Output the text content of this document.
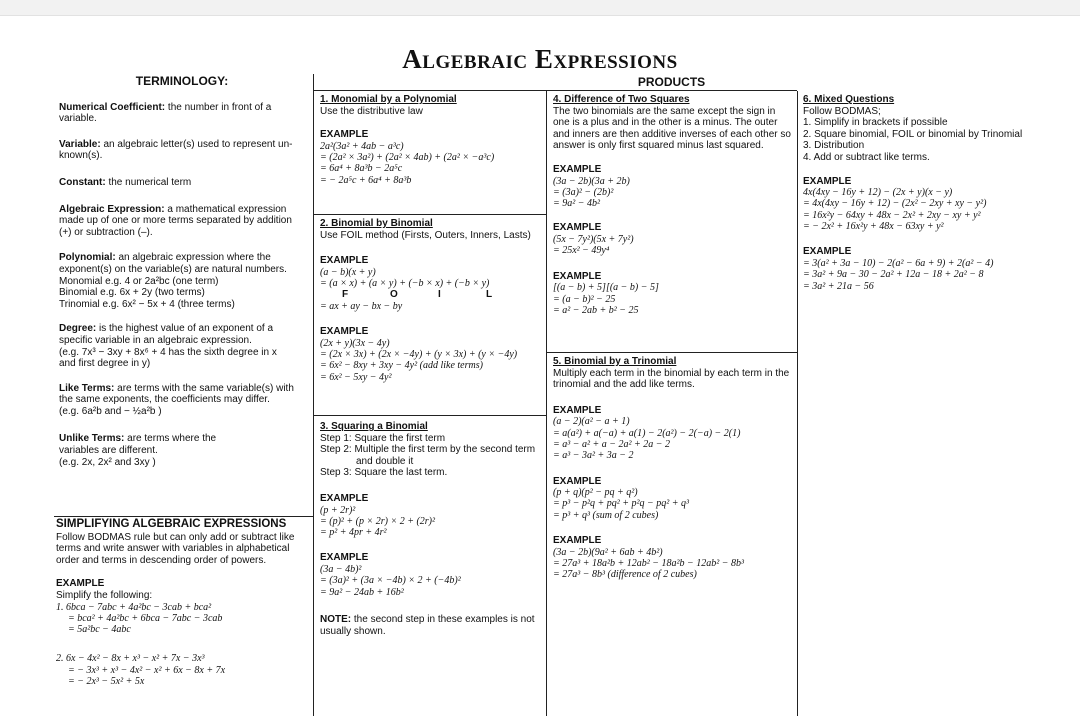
Algebraic Expressions
TERMINOLOGY:

Numerical Coefficient: the number in front of a variable.

Variable: an algebraic letter(s) used to represent un-known(s).

Constant: the numerical term

Algebraic Expression: a mathematical expression made up of one or more terms separated by addition (+) or subtraction (–).

Polynomial: an algebraic expression where the exponent(s) on the variable(s) are natural numbers.

Monomial e.g. 4 or 2a²bc (one term)
Binomial e.g. 6x + 2y (two terms)
Trinomial e.g. 6x² − 5x + 4 (three terms)

Degree: is the highest value of an exponent of a specific variable in an algebraic expression.

(e.g. 7x³ − 3xy + 8x⁶ + 4 has the sixth degree in x
and first degree in y)

Like Terms: are terms with the same variable(s) with the same exponents, the coefficients may differ.

(e.g. 6a²b and − ½a²b )

Unlike Terms: are terms where the variables are different.

(e.g. 2x, 2x² and 3xy )
SIMPLIFYING ALGEBRAIC EXPRESSIONS

Follow BODMAS rule but can only add or subtract like terms and write answer with variables in alphabetical order and terms in descending order of powers.

EXAMPLE
Simplify the following:
1. 6bca − 7abc + 4a²bc − 3cab + bca²
= bca² + 4a²bc + 6bca − 7abc − 3cab
= 5a²bc − 4abc
2. 6x − 4x² − 8x + x³ − x² + 7x − 3x³
= − 3x³ + x³ − 4x² − x² + 6x − 8x + 7x
= − 2x³ − 5x² + 5x
PRODUCTS
1. Monomial by a Polynomial
Use the distributive law
EXAMPLE
2a²(3a² + 4ab − a³c)
= (2a² × 3a²) + (2a² × 4ab) + (2a² × −a³c)
= 6a⁴ + 8a³b − 2a⁵c
= − 2a⁵c + 6a⁴ + 8a³b
2. Binomial by Binomial
Use FOIL method (Firsts, Outers, Inners, Lasts)
EXAMPLE
(a − b)(x + y)
= (a × x) + (a × y) + (−b × x) + (−b × y)
F	O	I	L
= ax + ay − bx − by
EXAMPLE
(2x + y)(3x − 4y)
= (2x × 3x) + (2x × −4y) + (y × 3x) + (y × −4y)
= 6x² − 8xy + 3xy − 4y² (add like terms)
= 6x² − 5xy − 4y²
3. Squaring a Binomial
Step 1: Square the first term
Step 2: Multiple the first term by the second term
and double it
Step 3: Square the last term.
EXAMPLE
(p + 2r)²
= (p)² + (p × 2r) × 2 + (2r)²
= p² + 4pr + 4r²
EXAMPLE
(3a − 4b)²
= (3a)² + (3a × −4b) × 2 + (−4b)²
= 9a² − 24ab + 16b²

NOTE: the second step in these examples is not usually shown.

4. Difference of Two Squares

The two binomials are the same except the sign in one is a plus and in the other is a minus. The outer and inners are then additive inverses of each other so answer is only first squared minus last squared.

EXAMPLE
(3a − 2b)(3a + 2b)
= (3a)² − (2b)²
= 9a² − 4b²
EXAMPLE
(5x − 7y²)(5x + 7y²)
= 25x² − 49y⁴
EXAMPLE
[(a − b) + 5][(a − b) − 5]
= (a − b)² − 25
= a² − 2ab + b² − 25
5. Binomial by a Trinomial

Multiply each term in the binomial by each term in the trinomial and the add like terms.

EXAMPLE
(a − 2)(a² − a + 1)
= a(a²) + a(−a) + a(1) − 2(a²) − 2(−a) − 2(1)
= a³ − a² + a − 2a² + 2a − 2
= a³ − 3a² + 3a − 2
EXAMPLE
(p + q)(p² − pq + q²)
= p³ − p²q + pq² + p²q − pq² + q³
= p³ + q³ (sum of 2 cubes)
EXAMPLE
(3a − 2b)(9a² + 6ab + 4b²)
= 27a³ + 18a²b + 12ab² − 18a²b − 12ab² − 8b³
= 27a³ − 8b³ (difference of 2 cubes)
6. Mixed Questions
Follow BODMAS;
1. Simplify in brackets if possible
2. Square binomial, FOIL or binomial by Trinomial
3. Distribution
4. Add or subtract like terms.
EXAMPLE
4x(4xy − 16y + 12) − (2x + y)(x − y)
= 4x(4xy − 16y + 12) − (2x² − 2xy + xy − y²)
= 16x²y − 64xy + 48x − 2x² + 2xy − xy + y²
= − 2x² + 16x²y + 48x − 63xy + y²
EXAMPLE
= 3(a² + 3a − 10) − 2(a² − 6a + 9) + 2(a² − 4)
= 3a² + 9a − 30 − 2a² + 12a − 18 + 2a² − 8
= 3a² + 21a − 56
